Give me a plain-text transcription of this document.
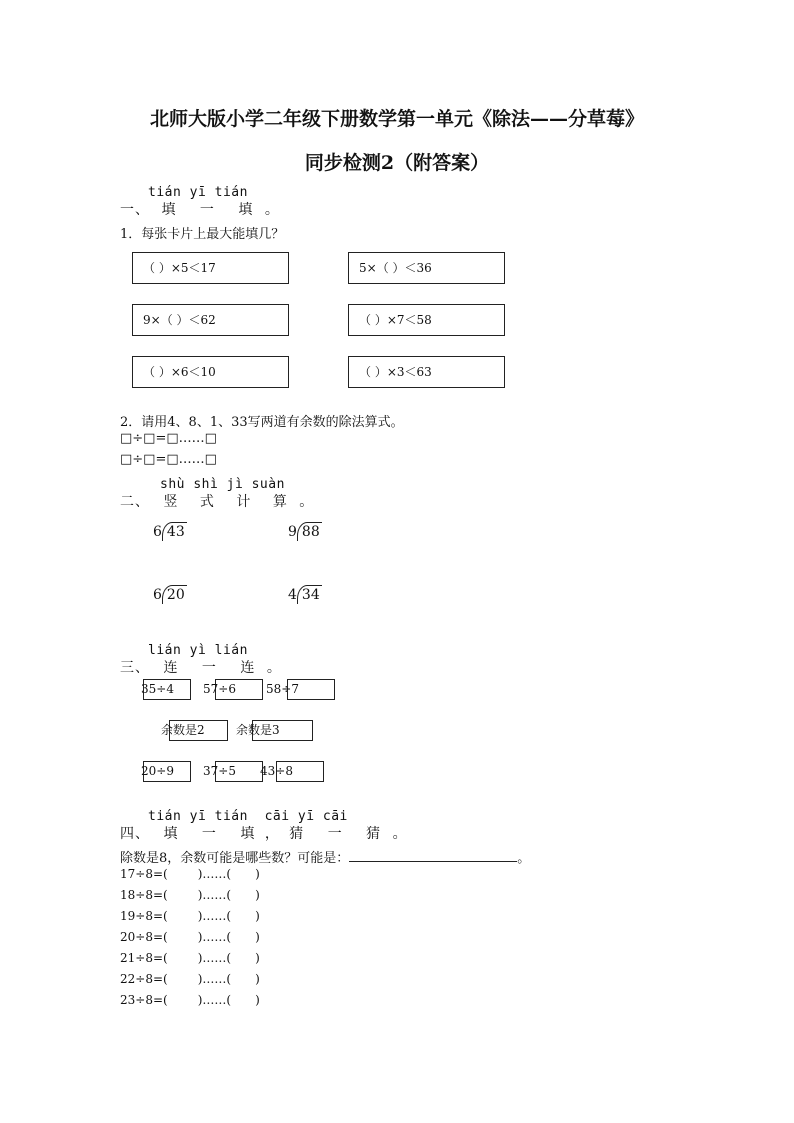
北师大版小学二年级下册数学第一单元《除法——分草莓》
同步检测2（附答案）
tián yī tián
一、 填 一 填 。
1．每张卡片上最大能填几？
（ ）×5＜17	5×（ ）＜36
9×（ ）＜62	（ ）×7＜58
（ ）×6＜10	（ ）×3＜63
2．请用4、8、1、33写两道有余数的除法算式。
□÷□=□……□
□÷□=□……□
shù shì jì suàn
二、 竖 式 计 算 。
6 43	9 88
6 20	4 34
lián yì lián
三、 连 一 连 。
35÷4 57÷6	58÷7
余数是2	余数是3
20÷9 37÷5 43÷8
tián yī tián cāi yī cāi
四、 填 一 填 ， 猜 一 猜 。
除数是8，余数可能是哪些数？可能是：	。
17÷8=(	)……( )
18÷8=(	)……( )
19÷8=(	)……( )
20÷8=(	)……( )
21÷8=(	)……( )
22÷8=(	)……( )
23÷8=(	)……( )
